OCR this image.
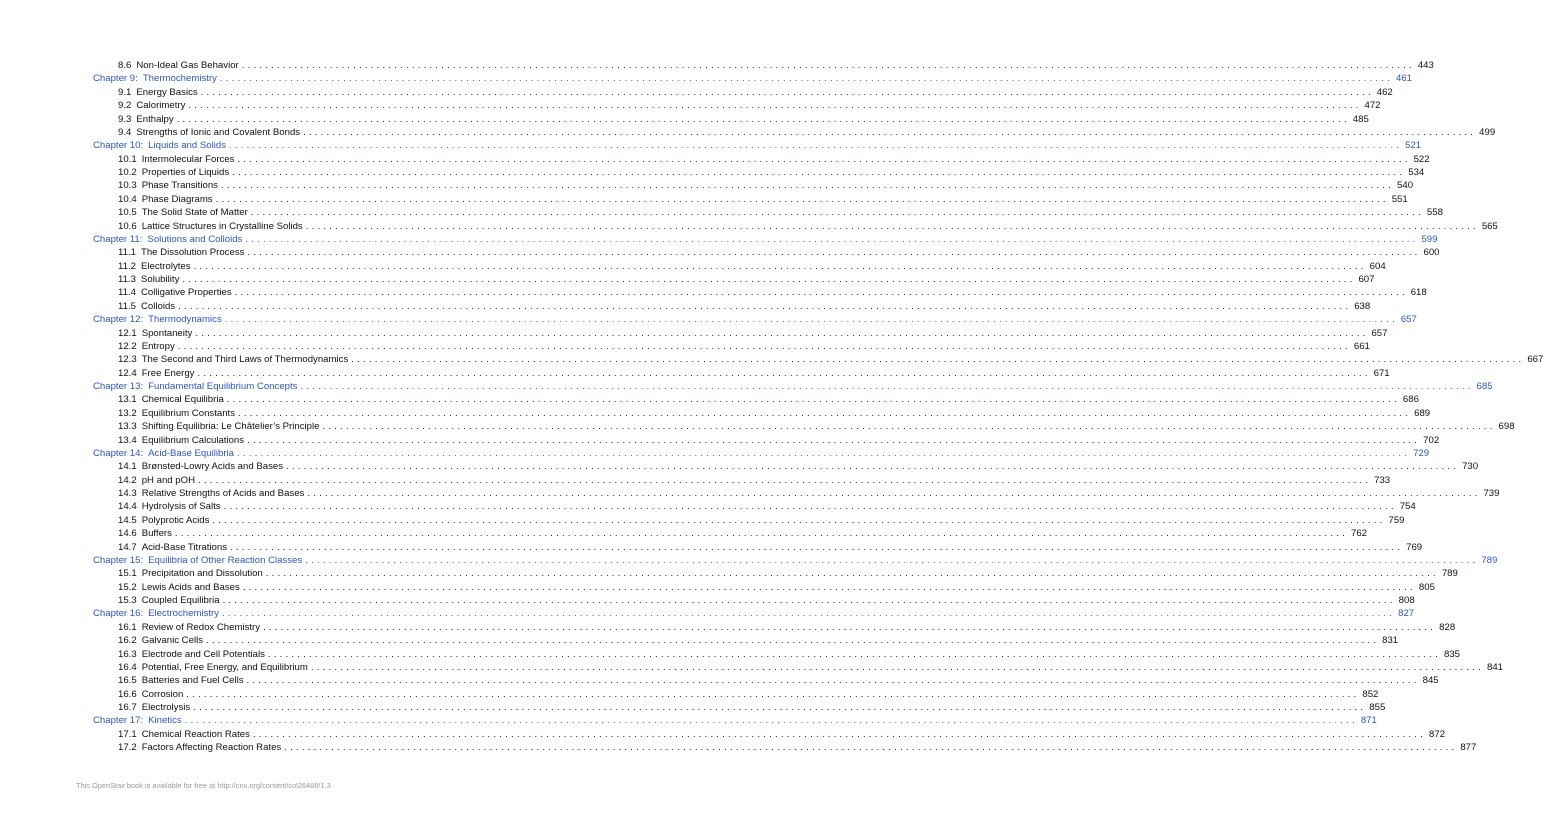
8.6 Non-Ideal Gas Behavior ........................................................................................................................................................................................................ 443
Chapter 9: Thermochemistry ........................................................................................................................................................................................................ 461
9.1 Energy Basics ........................................................................................................................................................................................................ 462
9.2 Calorimetry ........................................................................................................................................................................................................ 472
9.3 Enthalpy ........................................................................................................................................................................................................ 485
9.4 Strengths of Ionic and Covalent Bonds ........................................................................................................................................................................................................ 499
Chapter 10: Liquids and Solids ........................................................................................................................................................................................................ 521
10.1 Intermolecular Forces ........................................................................................................................................................................................................ 522
10.2 Properties of Liquids ........................................................................................................................................................................................................ 534
10.3 Phase Transitions ........................................................................................................................................................................................................ 540
10.4 Phase Diagrams ........................................................................................................................................................................................................ 551
10.5 The Solid State of Matter ........................................................................................................................................................................................................ 558
10.6 Lattice Structures in Crystalline Solids ........................................................................................................................................................................................................ 565
Chapter 11: Solutions and Colloids ........................................................................................................................................................................................................ 599
11.1 The Dissolution Process ........................................................................................................................................................................................................ 600
11.2 Electrolytes ........................................................................................................................................................................................................ 604
11.3 Solubility ........................................................................................................................................................................................................ 607
11.4 Colligative Properties ........................................................................................................................................................................................................ 618
11.5 Colloids ........................................................................................................................................................................................................ 638
Chapter 12: Thermodynamics ........................................................................................................................................................................................................ 657
12.1 Spontaneity ........................................................................................................................................................................................................ 657
12.2 Entropy ........................................................................................................................................................................................................ 661
12.3 The Second and Third Laws of Thermodynamics ........................................................................................................................................................................................................ 667
12.4 Free Energy ........................................................................................................................................................................................................ 671
Chapter 13: Fundamental Equilibrium Concepts ........................................................................................................................................................................................................ 685
13.1 Chemical Equilibria ........................................................................................................................................................................................................ 686
13.2 Equilibrium Constants ........................................................................................................................................................................................................ 689
13.3 Shifting Equilibria: Le Châtelier’s Principle ........................................................................................................................................................................................................ 698
13.4 Equilibrium Calculations ........................................................................................................................................................................................................ 702
Chapter 14: Acid-Base Equilibria ........................................................................................................................................................................................................ 729
14.1 Brønsted-Lowry Acids and Bases ........................................................................................................................................................................................................ 730
14.2 pH and pOH ........................................................................................................................................................................................................ 733
14.3 Relative Strengths of Acids and Bases ........................................................................................................................................................................................................ 739
14.4 Hydrolysis of Salts ........................................................................................................................................................................................................ 754
14.5 Polyprotic Acids ........................................................................................................................................................................................................ 759
14.6 Buffers ........................................................................................................................................................................................................ 762
14.7 Acid-Base Titrations ........................................................................................................................................................................................................ 769
Chapter 15: Equilibria of Other Reaction Classes ........................................................................................................................................................................................................ 789
15.1 Precipitation and Dissolution ........................................................................................................................................................................................................ 789
15.2 Lewis Acids and Bases ........................................................................................................................................................................................................ 805
15.3 Coupled Equilibria ........................................................................................................................................................................................................ 808
Chapter 16: Electrochemistry ........................................................................................................................................................................................................ 827
16.1 Review of Redox Chemistry ........................................................................................................................................................................................................ 828
16.2 Galvanic Cells ........................................................................................................................................................................................................ 831
16.3 Electrode and Cell Potentials ........................................................................................................................................................................................................ 835
16.4 Potential, Free Energy, and Equilibrium ........................................................................................................................................................................................................ 841
16.5 Batteries and Fuel Cells ........................................................................................................................................................................................................ 845
16.6 Corrosion ........................................................................................................................................................................................................ 852
16.7 Electrolysis ........................................................................................................................................................................................................ 855
Chapter 17: Kinetics ........................................................................................................................................................................................................ 871
17.1 Chemical Reaction Rates ........................................................................................................................................................................................................ 872
17.2 Factors Affecting Reaction Rates ........................................................................................................................................................................................................ 877
This OpenStax book is available for free at http://cnx.org/content/col26488/1.3
